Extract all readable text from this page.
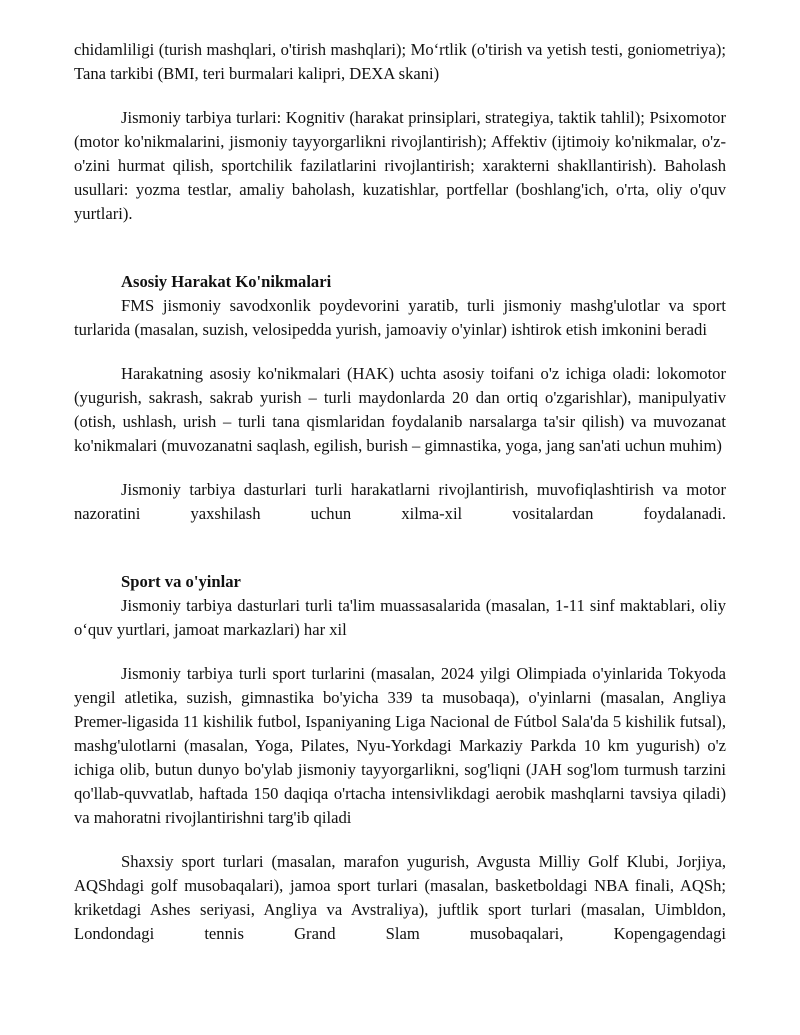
chidamliligi (turish mashqlari, o'tirish mashqlari); Mo‘rtlik (o'tirish va yetish testi, goniometriya); Tana tarkibi (BMI, teri burmalari kalipri, DEXA skani)

Jismoniy tarbiya turlari: Kognitiv (harakat prinsiplari, strategiya, taktik tahlil); Psixomotor (motor ko'nikmalarini, jismoniy tayyorgarlikni rivojlantirish); Affektiv (ijtimoiy ko'nikmalar, o'z-o'zini hurmat qilish, sportchilik fazilatlarini rivojlantirish; xarakterni shakllantirish). Baholash usullari: yozma testlar, amaliy baholash, kuzatishlar, portfellar (boshlang'ich, o'rta, oliy o'quv yurtlari).

Asosiy Harakat Ko'nikmalari

FMS jismoniy savodxonlik poydevorini yaratib, turli jismoniy mashg'ulotlar va sport turlarida (masalan, suzish, velosipedda yurish, jamoaviy o'yinlar) ishtirok etish imkonini beradi

Harakatning asosiy ko'nikmalari (HAK) uchta asosiy toifani o'z ichiga oladi: lokomotor (yugurish, sakrash, sakrab yurish – turli maydonlarda 20 dan ortiq o'zgarishlar), manipulyativ (otish, ushlash, urish – turli tana qismlaridan foydalanib narsalarga ta'sir qilish) va muvozanat ko'nikmalari (muvozanatni saqlash, egilish, burish – gimnastika, yoga, jang san'ati uchun muhim)

Jismoniy tarbiya dasturlari turli harakatlarni rivojlantirish, muvofiqlashtirish va motor nazoratini yaxshilash uchun xilma-xil vositalardan foydalanadi.

Sport va o'yinlar

Jismoniy tarbiya dasturlari turli ta'lim muassasalarida (masalan, 1-11 sinf maktablari, oliy o‘quv yurtlari, jamoat markazlari) har xil

Jismoniy tarbiya turli sport turlarini (masalan, 2024 yilgi Olimpiada o'yinlarida Tokyoda yengil atletika, suzish, gimnastika bo'yicha 339 ta musobaqa), o'yinlarni (masalan, Angliya Premer-ligasida 11 kishilik futbol, Ispaniyaning Liga Nacional de Fútbol Sala'da 5 kishilik futsal), mashg'ulotlarni (masalan, Yoga, Pilates, Nyu-Yorkdagi Markaziy Parkda 10 km yugurish) o'z ichiga olib, butun dunyo bo'ylab jismoniy tayyorgarlikni, sog'liqni (JAH sog'lom turmush tarzini qo'llab-quvvatlab, haftada 150 daqiqa o'rtacha intensivlikdagi aerobik mashqlarni tavsiya qiladi) va mahoratni rivojlantirishni targ'ib qiladi

Shaxsiy sport turlari (masalan, marafon yugurish, Avgusta Milliy Golf Klubi, Jorjiya, AQShdagi golf musobaqalari), jamoa sport turlari (masalan, basketboldagi NBA finali, AQSh; kriketdagi Ashes seriyasi, Angliya va Avstraliya), juftlik sport turlari (masalan, Uimbldon, Londondagi tennis Grand Slam musobaqalari, Kopengagendagi
